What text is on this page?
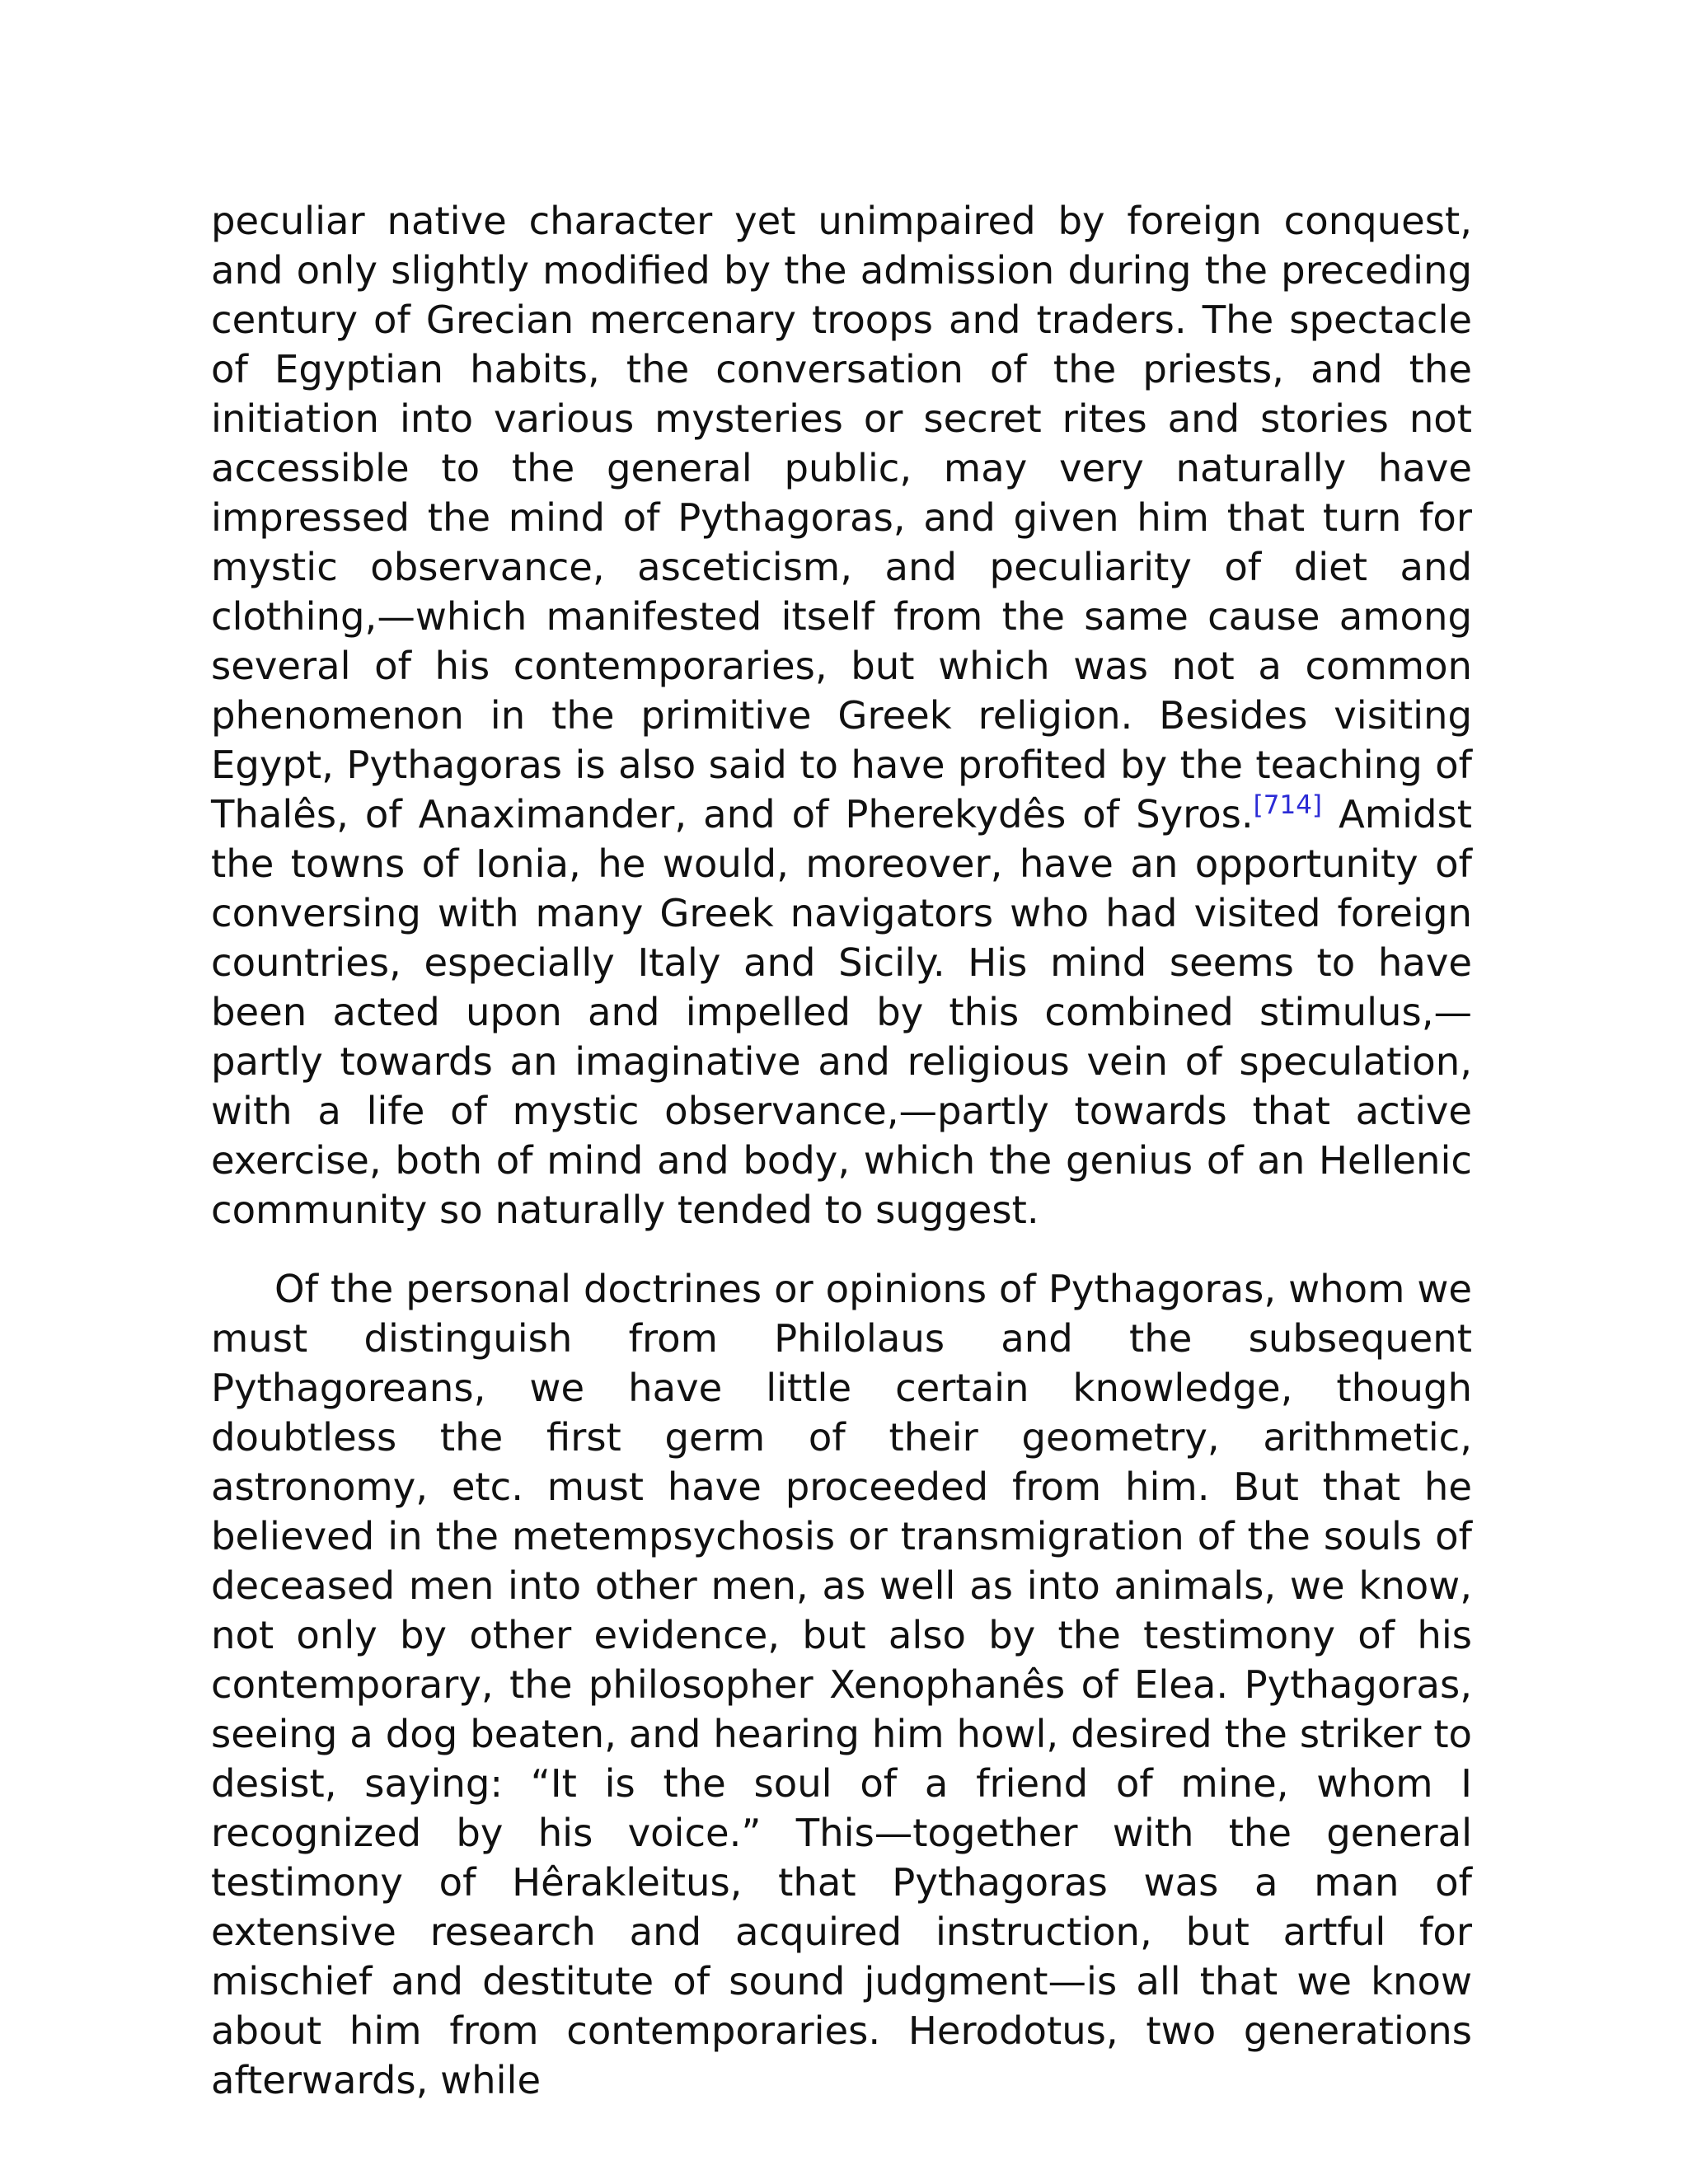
peculiar native character yet unimpaired by foreign conquest, and only slightly modified by the admission during the preceding century of Grecian mercenary troops and traders. The spectacle of Egyptian habits, the conversation of the priests, and the initiation into various mysteries or secret rites and stories not accessible to the general public, may very naturally have impressed the mind of Pythagoras, and given him that turn for mystic observance, asceticism, and peculiarity of diet and clothing,—which manifested itself from the same cause among several of his contemporaries, but which was not a common phenomenon in the primitive Greek religion. Besides visiting Egypt, Pythagoras is also said to have profited by the teaching of Thalês, of Anaximander, and of Pherekydês of Syros.[714] Amidst the towns of Ionia, he would, moreover, have an opportunity of conversing with many Greek navigators who had visited foreign countries, especially Italy and Sicily. His mind seems to have been acted upon and impelled by this combined stimulus,—partly towards an imaginative and religious vein of speculation, with a life of mystic observance,—partly towards that active exercise, both of mind and body, which the genius of an Hellenic community so naturally tended to suggest.

Of the personal doctrines or opinions of Pythagoras, whom we must distinguish from Philolaus and the subsequent Pythagoreans, we have little certain knowledge, though doubtless the first germ of their geometry, arithmetic, astronomy, etc. must have proceeded from him. But that he believed in the metempsychosis or transmigration of the souls of deceased men into other men, as well as into animals, we know, not only by other evidence, but also by the testimony of his contemporary, the philosopher Xenophanês of Elea. Pythagoras, seeing a dog beaten, and hearing him howl, desired the striker to desist, saying: “It is the soul of a friend of mine, whom I recognized by his voice.” This—together with the general testimony of Hêrakleitus, that Pythagoras was a man of extensive research and acquired instruction, but artful for mischief and destitute of sound judgment—is all that we know about him from contemporaries. Herodotus, two generations afterwards, while
